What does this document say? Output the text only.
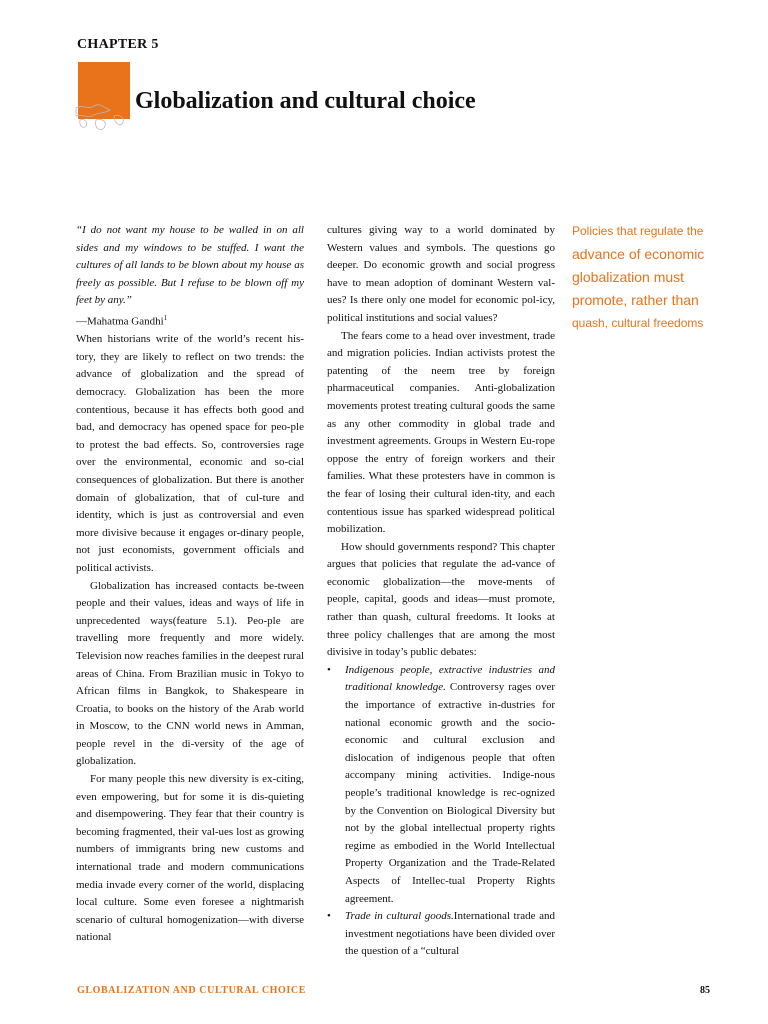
CHAPTER 5
Globalization and cultural choice

“I do not want my house to be walled in on all sides and my windows to be stuffed. I want the cultures of all lands to be blown about my house as freely as possible. But I refuse to be blown off my feet by any.”

—Mahatma Gandhi$^1$

When historians write of the world’s recent his-tory, they are likely to reflect on two trends: the advance of globalization and the spread of democracy. Globalization has been the more contentious, because it has effects both good and bad, and democracy has opened space for peo-ple to protest the bad effects. So, controversies rage over the environmental, economic and so-cial consequences of globalization. But there is another domain of globalization, that of cul-ture and identity, which is just as controversial and even more divisive because it engages or-dinary people, not just economists, government officials and political activists.

Globalization has increased contacts be-tween people and their values, ideas and ways of life in unprecedented ways(feature 5.1). Peo-ple are travelling more frequently and more widely. Television now reaches families in the deepest rural areas of China. From Brazilian music in Tokyo to African films in Bangkok, to Shakespeare in Croatia, to books on the history of the Arab world in Moscow, to the CNN world news in Amman, people revel in the di-versity of the age of globalization.

For many people this new diversity is ex-citing, even empowering, but for some it is dis-quieting and disempowering. They fear that their country is becoming fragmented, their val-ues lost as growing numbers of immigrants bring new customs and international trade and modern communications media invade every corner of the world, displacing local culture. Some even foresee a nightmarish scenario of cultural homogenization—with diverse national

cultures giving way to a world dominated by Western values and symbols. The questions go deeper. Do economic growth and social progress have to mean adoption of dominant Western val-ues? Is there only one model for economic pol-icy, political institutions and social values?

The fears come to a head over investment, trade and migration policies. Indian activists protest the patenting of the neem tree by foreign pharmaceutical companies. Anti-globalization movements protest treating cultural goods the same as any other commodity in global trade and investment agreements. Groups in Western Eu-rope oppose the entry of foreign workers and their families. What these protesters have in common is the fear of losing their cultural iden-tity, and each contentious issue has sparked widespread political mobilization.

How should governments respond? This chapter argues that policies that regulate the ad-vance of economic globalization—the move-ments of people, capital, goods and ideas—must promote, rather than quash, cultural freedoms. It looks at three policy challenges that are among the most divisive in today’s public debates:

• Indigenous people, extractive industries and traditional knowledge. Controversy rages over the importance of extractive in-dustries for national economic growth and the socio-economic and cultural exclusion and dislocation of indigenous people that often accompany mining activities. Indige-nous people’s traditional knowledge is rec-ognized by the Convention on Biological Diversity but not by the global intellectual property rights regime as embodied in the World Intellectual Property Organization and the Trade-Related Aspects of Intellec-tual Property Rights agreement.
• Trade in cultural goods.International trade and investment negotiations have been divided over the question of a “cultural
Policies that regulate the
advance of economic
globalization must
promote, rather than
quash, cultural freedoms
GLOBALIZATION AND CULTURAL CHOICE	85
